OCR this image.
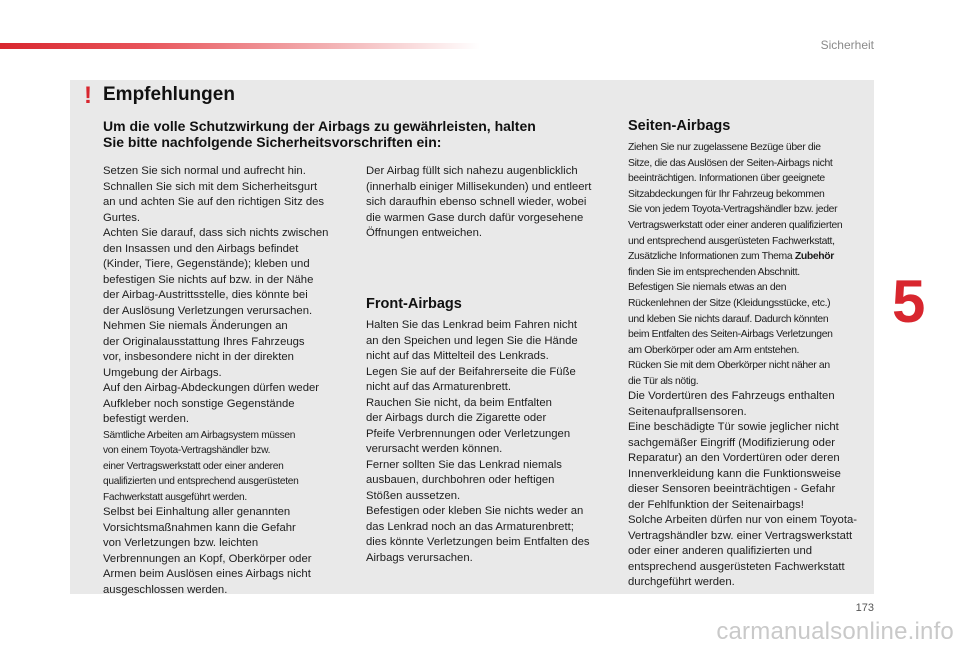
Sicherheit
5
173
carmanualsonline.info
! Empfehlungen
Um die volle Schutzwirkung der Airbags zu gewährleisten, halten
Sie bitte nachfolgende Sicherheitsvorschriften ein:
Setzen Sie sich normal und aufrecht hin.
Schnallen Sie sich mit dem Sicherheitsgurt
an und achten Sie auf den richtigen Sitz des
Gurtes.
Achten Sie darauf, dass sich nichts zwischen
den Insassen und den Airbags befindet
(Kinder, Tiere, Gegenstände); kleben und
befestigen Sie nichts auf bzw. in der Nähe
der Airbag-Austrittsstelle, dies könnte bei
der Auslösung Verletzungen verursachen.
Nehmen Sie niemals Änderungen an
der Originalausstattung Ihres Fahrzeugs
vor, insbesondere nicht in der direkten
Umgebung der Airbags.
Auf den Airbag-Abdeckungen dürfen weder
Aufkleber noch sonstige Gegenstände
befestigt werden.
Sämtliche Arbeiten am Airbagsystem müssen
von einem Toyota-Vertragshändler bzw.
einer Vertragswerkstatt oder einer anderen
qualifizierten und entsprechend ausgerüsteten
Fachwerkstatt ausgeführt werden.
Selbst bei Einhaltung aller genannten
Vorsichtsmaßnahmen kann die Gefahr
von Verletzungen bzw. leichten
Verbrennungen an Kopf, Oberkörper oder
Armen beim Auslösen eines Airbags nicht
ausgeschlossen werden.
Der Airbag füllt sich nahezu augenblicklich
(innerhalb einiger Millisekunden) und entleert
sich daraufhin ebenso schnell wieder, wobei
die warmen Gase durch dafür vorgesehene
Öffnungen entweichen.
Front-Airbags
Halten Sie das Lenkrad beim Fahren nicht
an den Speichen und legen Sie die Hände
nicht auf das Mittelteil des Lenkrads.
Legen Sie auf der Beifahrerseite die Füße
nicht auf das Armaturenbrett.
Rauchen Sie nicht, da beim Entfalten
der Airbags durch die Zigarette oder
Pfeife Verbrennungen oder Verletzungen
verursacht werden können.
Ferner sollten Sie das Lenkrad niemals
ausbauen, durchbohren oder heftigen
Stößen aussetzen.
Befestigen oder kleben Sie nichts weder an
das Lenkrad noch an das Armaturenbrett;
dies könnte Verletzungen beim Entfalten des
Airbags verursachen.
Seiten-Airbags
Ziehen Sie nur zugelassene Bezüge über die
Sitze, die das Auslösen der Seiten-Airbags nicht
beeinträchtigen. Informationen über geeignete
Sitzabdeckungen für Ihr Fahrzeug bekommen
Sie von jedem Toyota-Vertragshändler bzw. jeder
Vertragswerkstatt oder einer anderen qualifizierten
und entsprechend ausgerüsteten Fachwerkstatt,
Zusätzliche Informationen zum Thema Zubehör
finden Sie im entsprechenden Abschnitt.
Befestigen Sie niemals etwas an den
Rückenlehnen der Sitze (Kleidungsstücke, etc.)
und kleben Sie nichts darauf. Dadurch könnten
beim Entfalten des Seiten-Airbags Verletzungen
am Oberkörper oder am Arm entstehen.
Rücken Sie mit dem Oberkörper nicht näher an
die Tür als nötig.
Die Vordertüren des Fahrzeugs enthalten
Seitenaufprallsensoren.
Eine beschädigte Tür sowie jeglicher nicht
sachgemäßer Eingriff (Modifizierung oder
Reparatur) an den Vordertüren oder deren
Innenverkleidung kann die Funktionsweise
dieser Sensoren beeinträchtigen - Gefahr
der Fehlfunktion der Seitenairbags!
Solche Arbeiten dürfen nur von einem Toyota-
Vertragshändler bzw. einer Vertragswerkstatt
oder einer anderen qualifizierten und
entsprechend ausgerüsteten Fachwerkstatt
durchgeführt werden.
